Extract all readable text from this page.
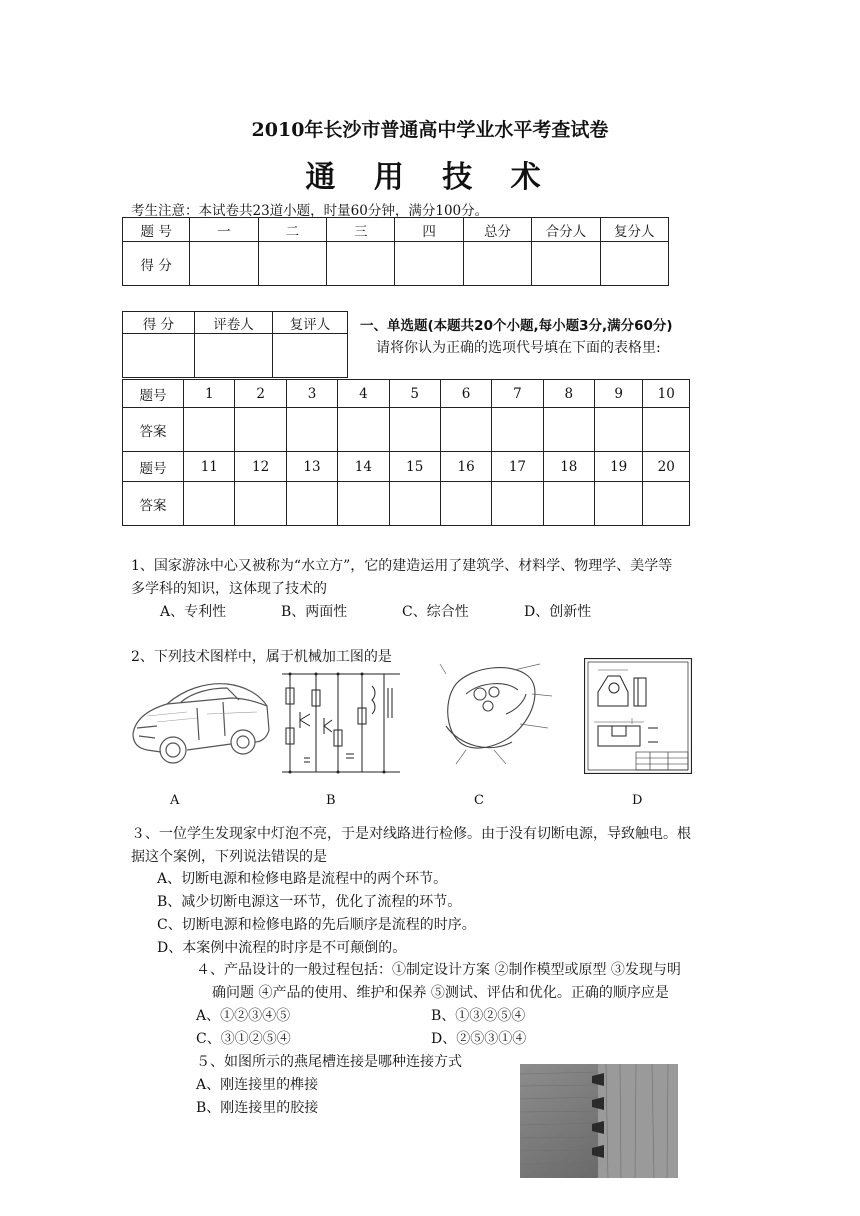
2010年长沙市普通高中学业水平考查试卷
通 用 技 术
考生注意：本试卷共23道小题，时量60分钟，满分100分。
题 号	一	二	三	四	总分	合分人	复分人
得 分							
得 分	评卷人	复评人
		一、单选题(本题共20个小题,每小题3分,满分60分)
请将你认为正确的选项代号填在下面的表格里:
题号	1	2	3	4	5	6	7	8	9	10
答案										
题号	11	12	13	14	15	16	17	18	19	20
答案										
1、国家游泳中心又被称为“水立方”，它的建造运用了建筑学、材料学、物理学、美学等
多学科的知识，这体现了技术的
A、专利性	B、两面性	C、综合性	D、创新性
2、下列技术图样中，属于机械加工图的是
A	B	C	D
３、一位学生发现家中灯泡不亮，于是对线路进行检修。由于没有切断电源，导致触电。根
据这个案例，下列说法错误的是
A、切断电源和检修电路是流程中的两个环节。
B、减少切断电源这一环节，优化了流程的环节。
C、切断电源和检修电路的先后顺序是流程的时序。
D、本案例中流程的时序是不可颠倒的。
４、产品设计的一般过程包括：①制定设计方案 ②制作模型或原型 ③发现与明
确问题 ④产品的使用、维护和保养 ⑤测试、评估和优化。正确的顺序应是
A、①②③④⑤	B、①③②⑤④
C、③①②⑤④	D、②⑤③①④
５、如图所示的燕尾槽连接是哪种连接方式
A、刚连接里的榫接
B、刚连接里的胶接
